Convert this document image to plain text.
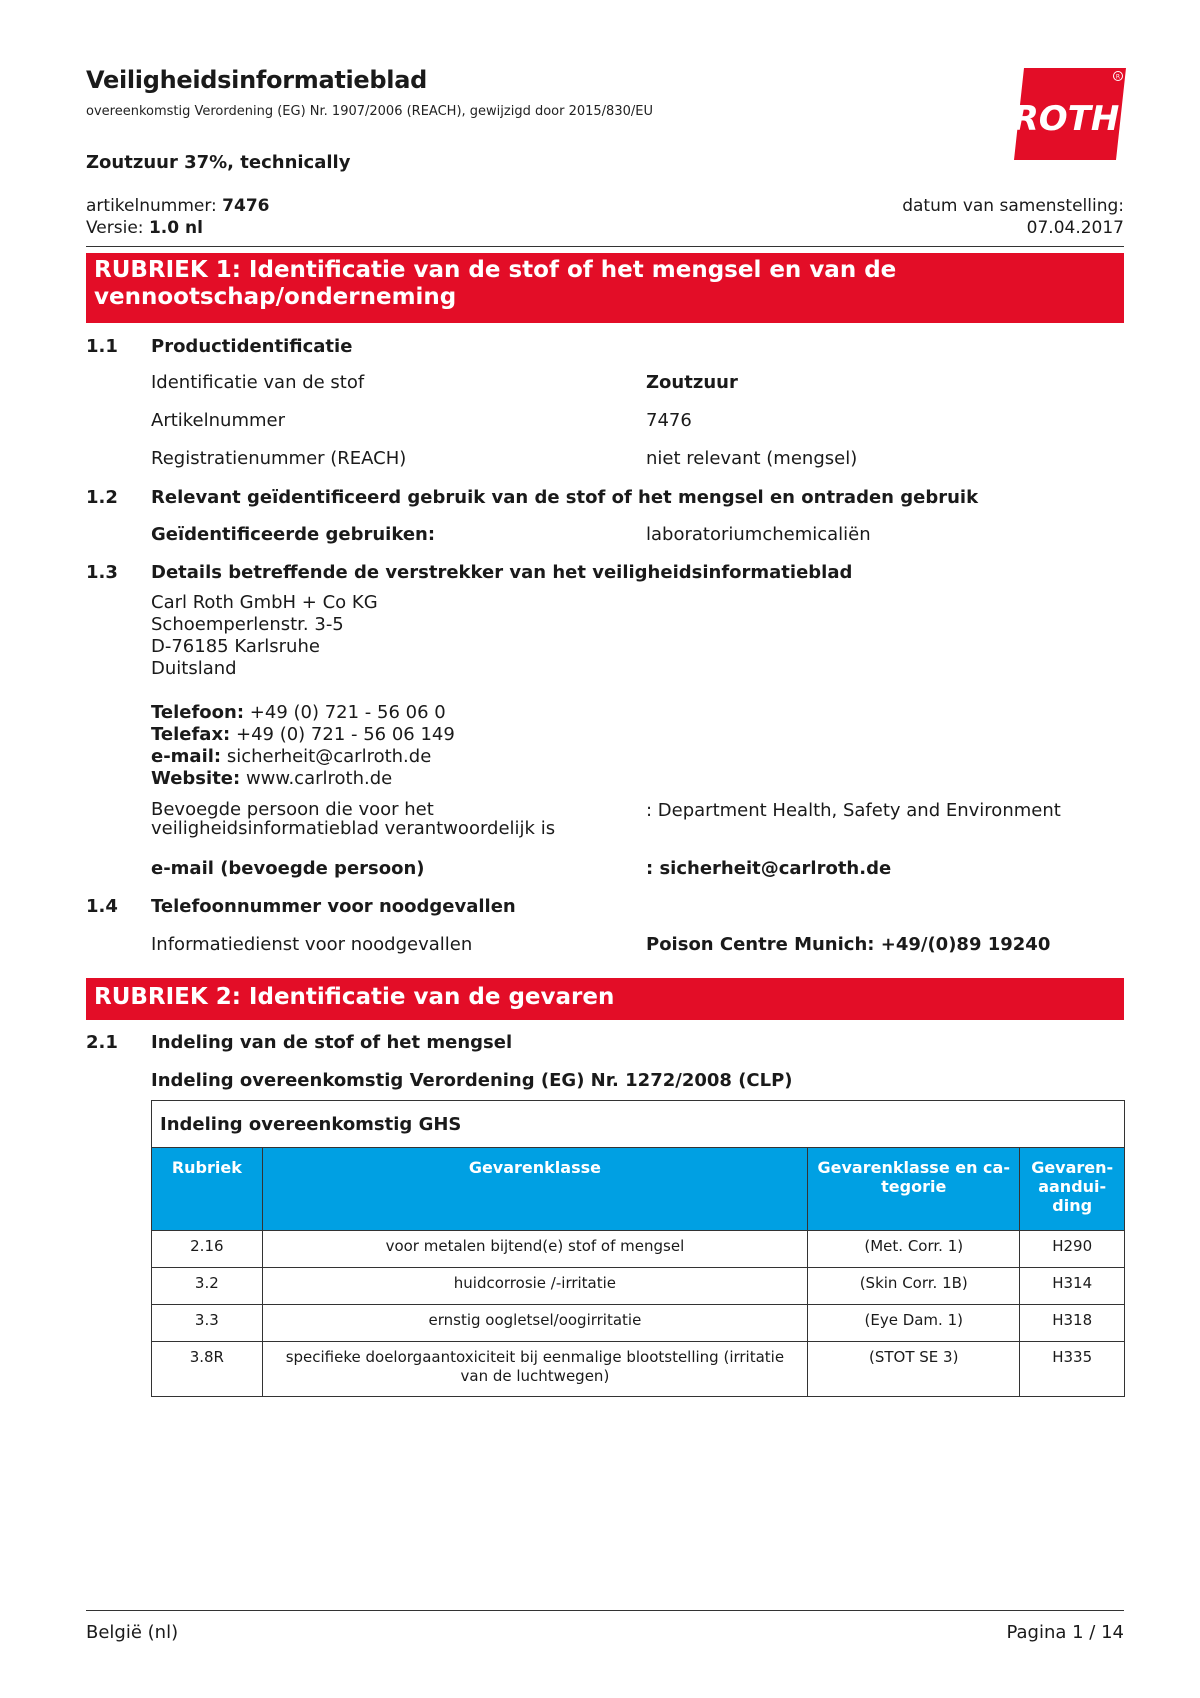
Veiligheidsinformatieblad
overeenkomstig Verordening (EG) Nr. 1907/2006 (REACH), gewijzigd door 2015/830/EU	ROTH
R
Zoutzuur 37%, technically
artikelnummer: 7476
Versie: 1.0 nl
datum van samenstelling:
07.04.2017
RUBRIEK 1: Identificatie van de stof of het mengsel en van de vennootschap/onderneming
1.1 Productidentificatie
Identificatie van de stof	Zoutzuur
Artikelnummer	7476
Registratienummer (REACH)	niet relevant (mengsel)
1.2 Relevant geïdentificeerd gebruik van de stof of het mengsel en ontraden gebruik
Geïdentificeerde gebruiken:	laboratoriumchemicaliën
1.3 Details betreffende de verstrekker van het veiligheidsinformatieblad
Carl Roth GmbH + Co KG
Schoemperlenstr. 3-5
D-76185 Karlsruhe
Duitsland
Telefoon: +49 (0) 721 - 56 06 0
Telefax: +49 (0) 721 - 56 06 149
e-mail: sicherheit@carlroth.de
Website: www.carlroth.de
Bevoegde persoon die voor het
veiligheidsinformatieblad verantwoordelijk is
: Department Health, Safety and Environment
e-mail (bevoegde persoon)	: sicherheit@carlroth.de
1.4 Telefoonnummer voor noodgevallen
Informatiedienst voor noodgevallen	Poison Centre Munich: +49/(0)89 19240
RUBRIEK 2: Identificatie van de gevaren
2.1 Indeling van de stof of het mengsel
Indeling overeenkomstig Verordening (EG) Nr. 1272/2008 (CLP)
Indeling overeenkomstig GHS			
Rubriek	Gevarenklasse	Gevarenklasse en ca-tegorie	Gevaren-aandui-ding
2.16	voor metalen bijtend(e) stof of mengsel	(Met. Corr. 1)	H290
3.2	huidcorrosie /-irritatie	(Skin Corr. 1B)	H314
3.3	ernstig oogletsel/oogirritatie	(Eye Dam. 1)	H318
3.8R	specifieke doelorgaantoxiciteit bij eenmalige blootstelling (irritatie van de luchtwegen)	(STOT SE 3)	H335
België (nl)	Pagina 1 / 14
